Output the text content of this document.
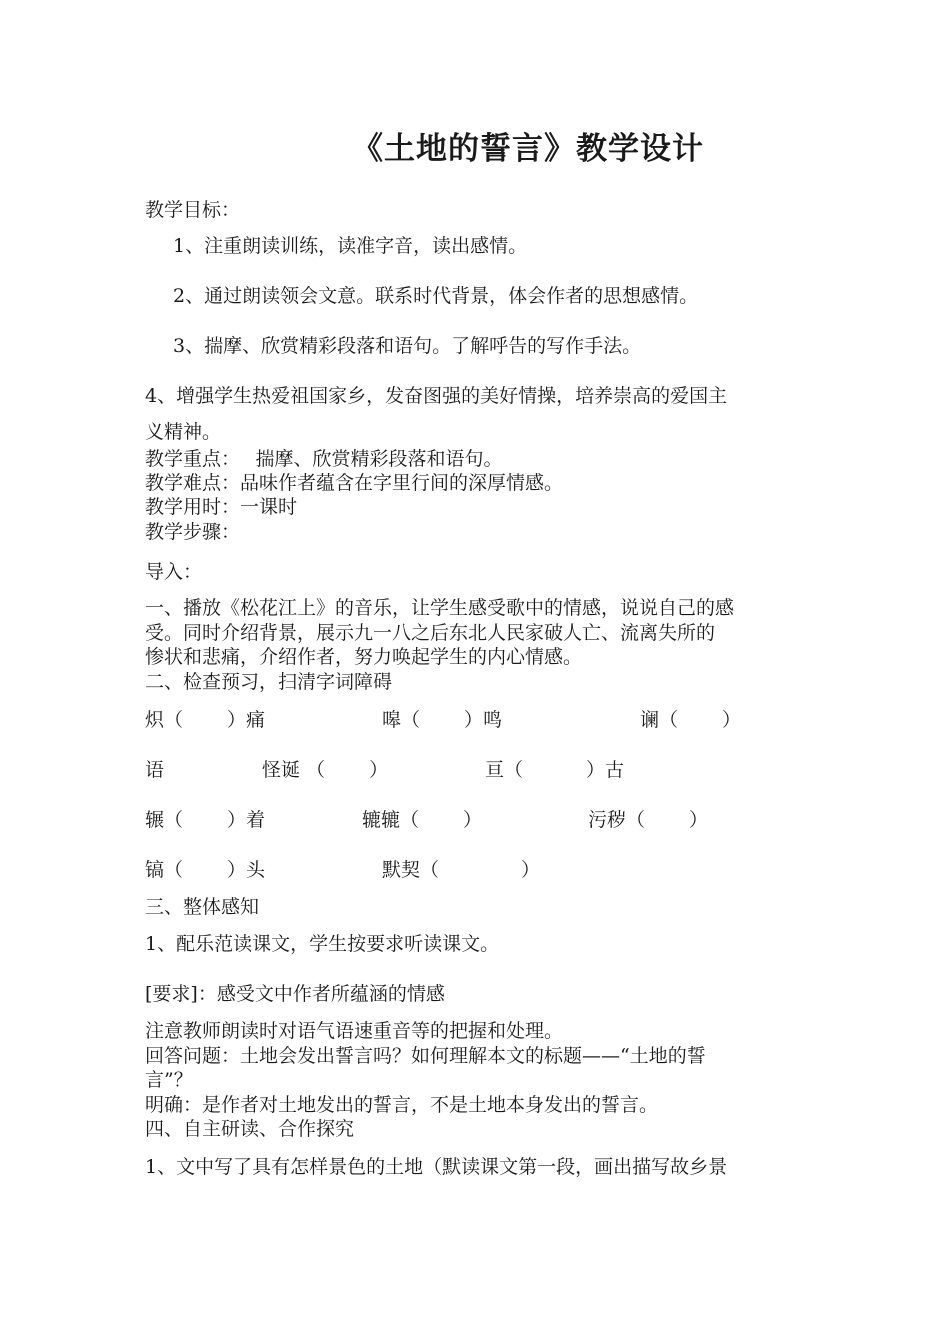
《土地的誓言》教学设计
教学目标：
1、注重朗读训练，读准字音，读出感情。
2、通过朗读领会文意。联系时代背景，体会作者的思想感情。
3、揣摩、欣赏精彩段落和语句。了解呼告的写作手法。
4、增强学生热爱祖国家乡，发奋图强的美好情操，培养崇高的爱国主
义精神。
教学重点：　 揣摩、欣赏精彩段落和语句。
教学难点：品味作者蕴含在字里行间的深厚情感。
教学用时：一课时
教学步骤：
导入：
一、播放《松花江上》的音乐，让学生感受歌中的情感，说说自己的感
受。同时介绍背景，展示九一八之后东北人民家破人亡、流离失所的
惨状和悲痛，介绍作者，努力唤起学生的内心情感。
二、检查预习，扫清字词障碍
炽（　　 ）痛	嗥（　　 ）鸣	谰（　　 ）
语	怪诞 （　　 ）	亘（　　　 ）古
辗（　　 ）着	辘辘（　　 ）	污秽（　　 ）
镐（　　 ）头	默契（　　　　 ）
三、整体感知
1、配乐范读课文，学生按要求听读课文。
[要求]：感受文中作者所蕴涵的情感
注意教师朗读时对语气语速重音等的把握和处理。
回答问题：土地会发出誓言吗？如何理解本文的标题——“土地的誓
言”？
明确：是作者对土地发出的誓言，不是土地本身发出的誓言。
四、自主研读、合作探究
1、文中写了具有怎样景色的土地（默读课文第一段，画出描写故乡景
